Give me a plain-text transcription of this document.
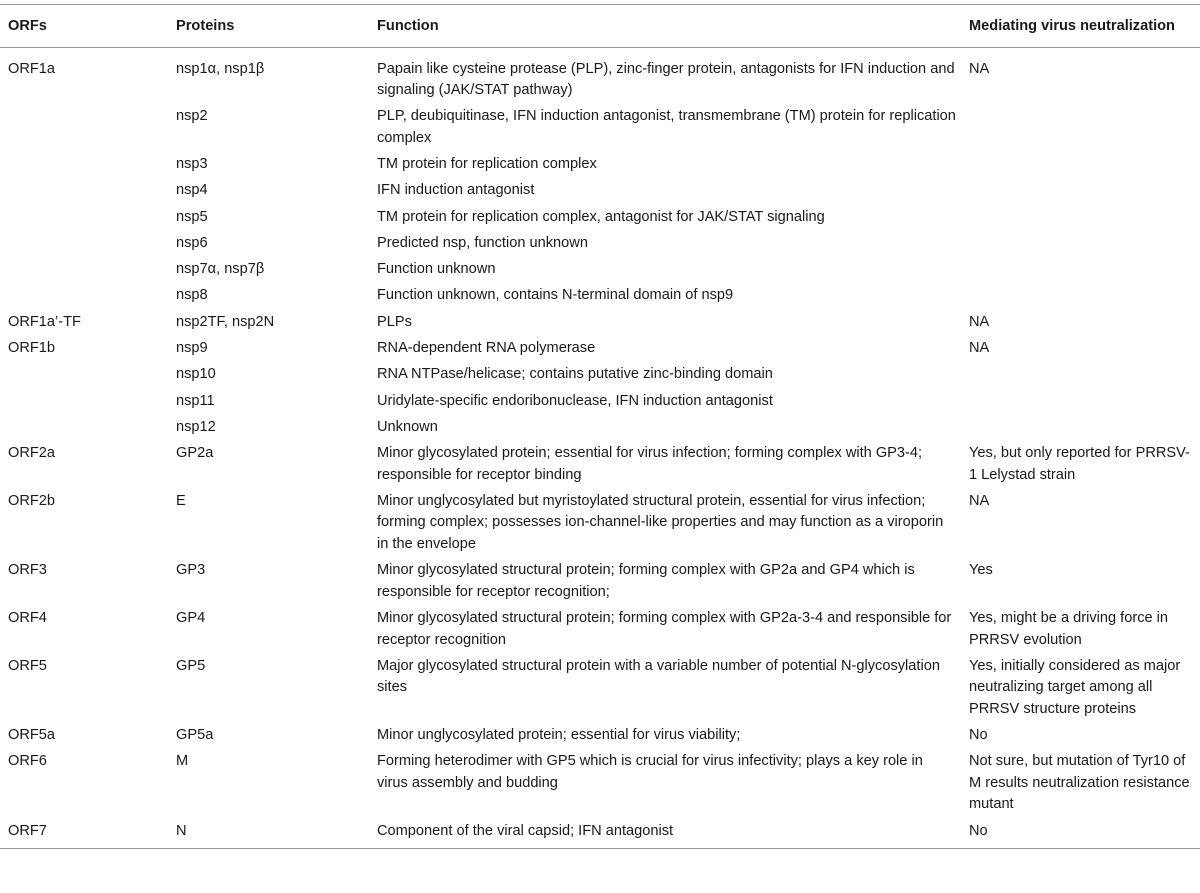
ORFs	Proteins	Function	Mediating virus neutralization
ORF1a	nsp1α, nsp1β	Papain like cysteine protease (PLP), zinc-finger protein, antagonists for IFN induction and signaling (JAK/STAT pathway)	NA
	nsp2	PLP, deubiquitinase, IFN induction antagonist, transmembrane (TM) protein for replication complex	
	nsp3	TM protein for replication complex	
	nsp4	IFN induction antagonist	
	nsp5	TM protein for replication complex, antagonist for JAK/STAT signaling	
	nsp6	Predicted nsp, function unknown	
	nsp7α, nsp7β	Function unknown	
	nsp8	Function unknown, contains N-terminal domain of nsp9	
ORF1a’-TF	nsp2TF, nsp2N	PLPs	NA
ORF1b	nsp9	RNA-dependent RNA polymerase	NA
	nsp10	RNA NTPase/helicase; contains putative zinc-binding domain	
	nsp11	Uridylate-specific endoribonuclease, IFN induction antagonist	
	nsp12	Unknown	
ORF2a	GP2a	Minor glycosylated protein; essential for virus infection; forming complex with GP3-4; responsible for receptor binding	Yes, but only reported for PRRSV-1 Lelystad strain
ORF2b	E	Minor unglycosylated but myristoylated structural protein, essential for virus infection; forming complex; possesses ion-channel-like properties and may function as a viroporin in the envelope	NA
ORF3	GP3	Minor glycosylated structural protein; forming complex with GP2a and GP4 which is responsible for receptor recognition;	Yes
ORF4	GP4	Minor glycosylated structural protein; forming complex with GP2a-3-4 and responsible for receptor recognition	Yes, might be a driving force in PRRSV evolution
ORF5	GP5	Major glycosylated structural protein with a variable number of potential N-glycosylation sites	Yes, initially considered as major neutralizing target among all PRRSV structure proteins
ORF5a	GP5a	Minor unglycosylated protein; essential for virus viability;	No
ORF6	M	Forming heterodimer with GP5 which is crucial for virus infectivity; plays a key role in virus assembly and budding	Not sure, but mutation of Tyr10 of M results neutralization resistance mutant
ORF7	N	Component of the viral capsid; IFN antagonist	No
